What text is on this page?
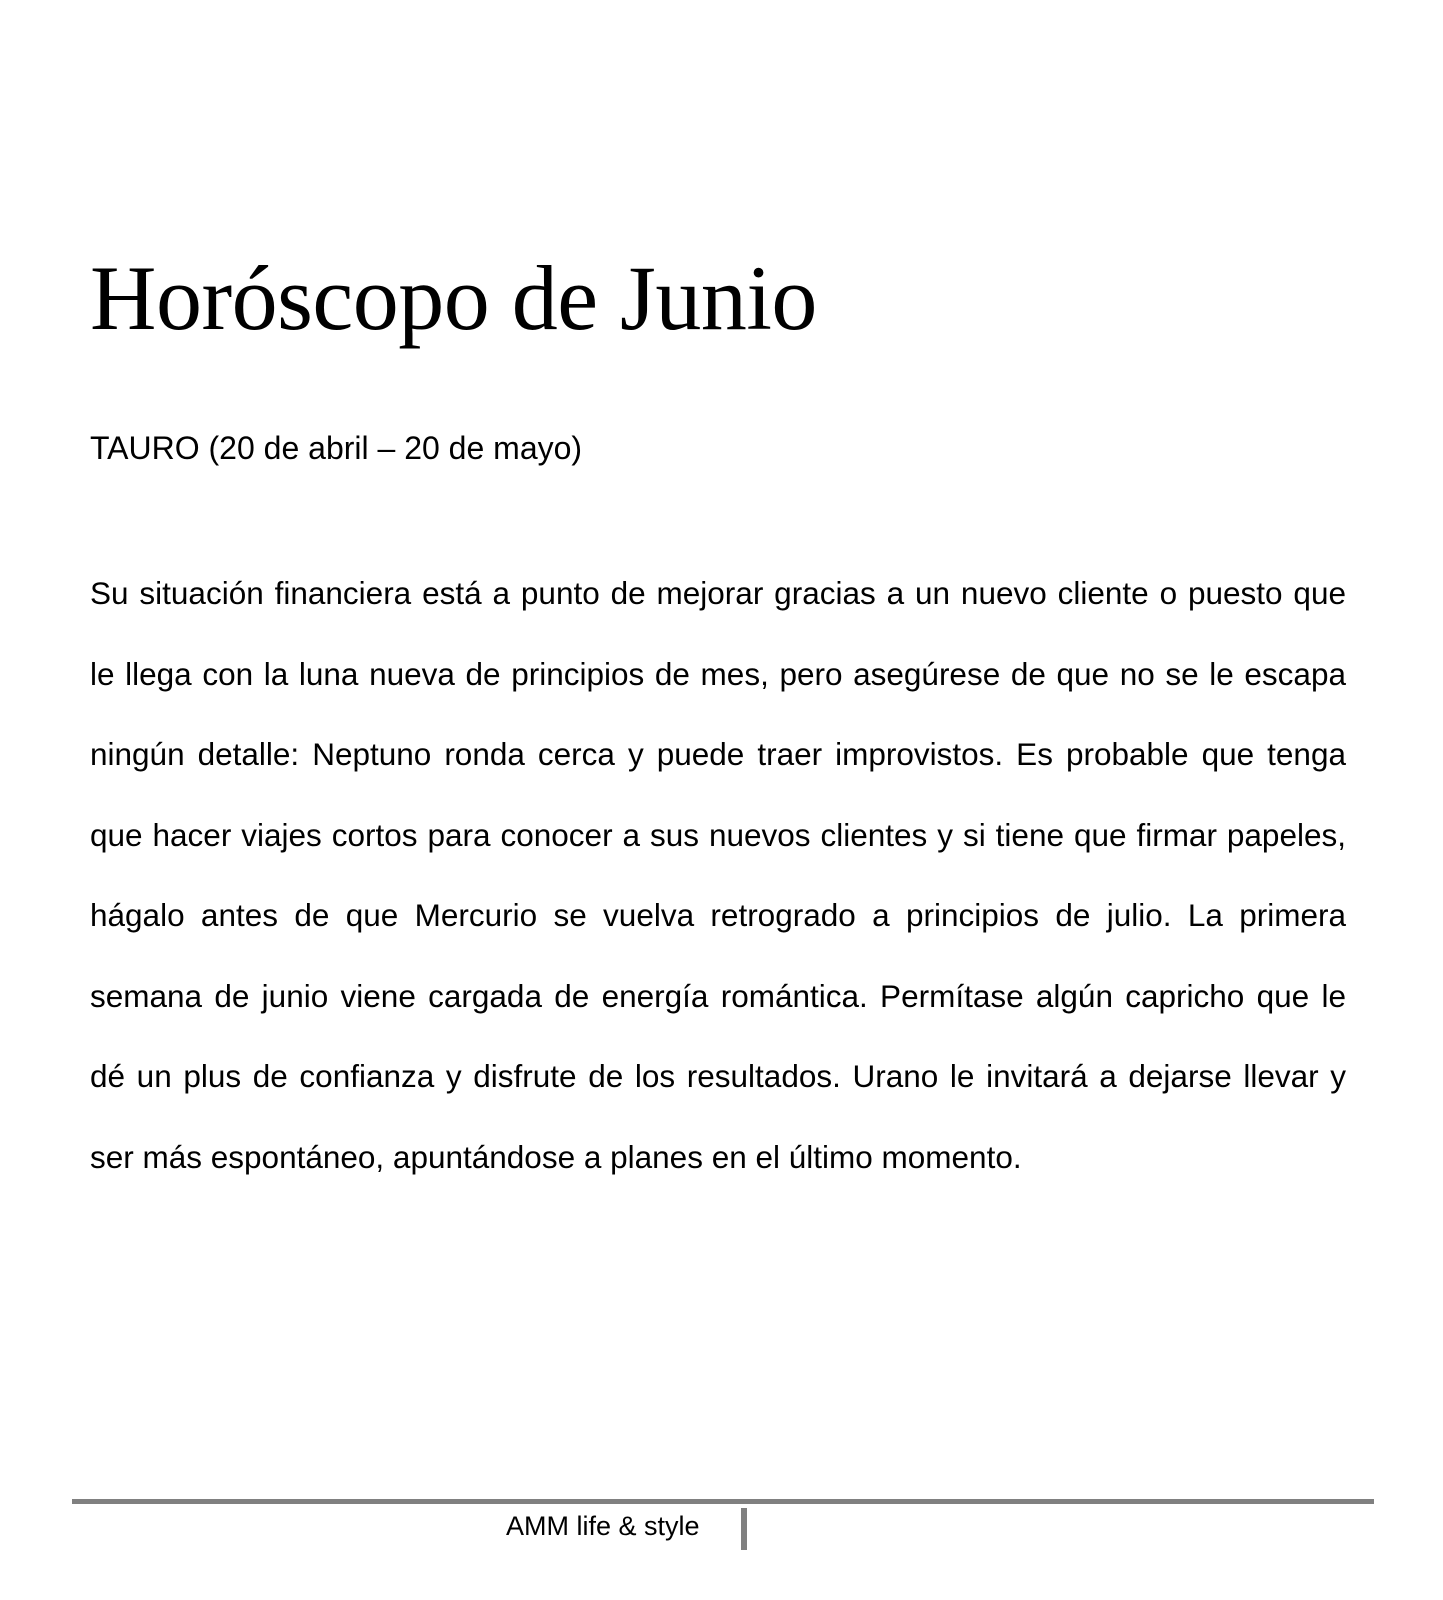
Horóscopo de Junio

TAURO (20 de abril – 20 de mayo)

Su situación financiera está a punto de mejorar gracias a un nuevo cliente o puesto que le llega con la luna nueva de principios de mes, pero asegúrese de que no se le escapa ningún detalle: Neptuno ronda cerca y puede traer improvistos. Es probable que tenga que hacer viajes cortos para conocer a sus nuevos clientes y si tiene que firmar papeles, hágalo antes de que Mercurio se vuelva retrogrado a principios de julio. La primera semana de junio viene cargada de energía romántica. Permítase algún capricho que le dé un plus de confianza y disfrute de los resultados. Urano le invitará a dejarse llevar y ser más espontáneo, apuntándose a planes en el último momento.

AMM life & style
